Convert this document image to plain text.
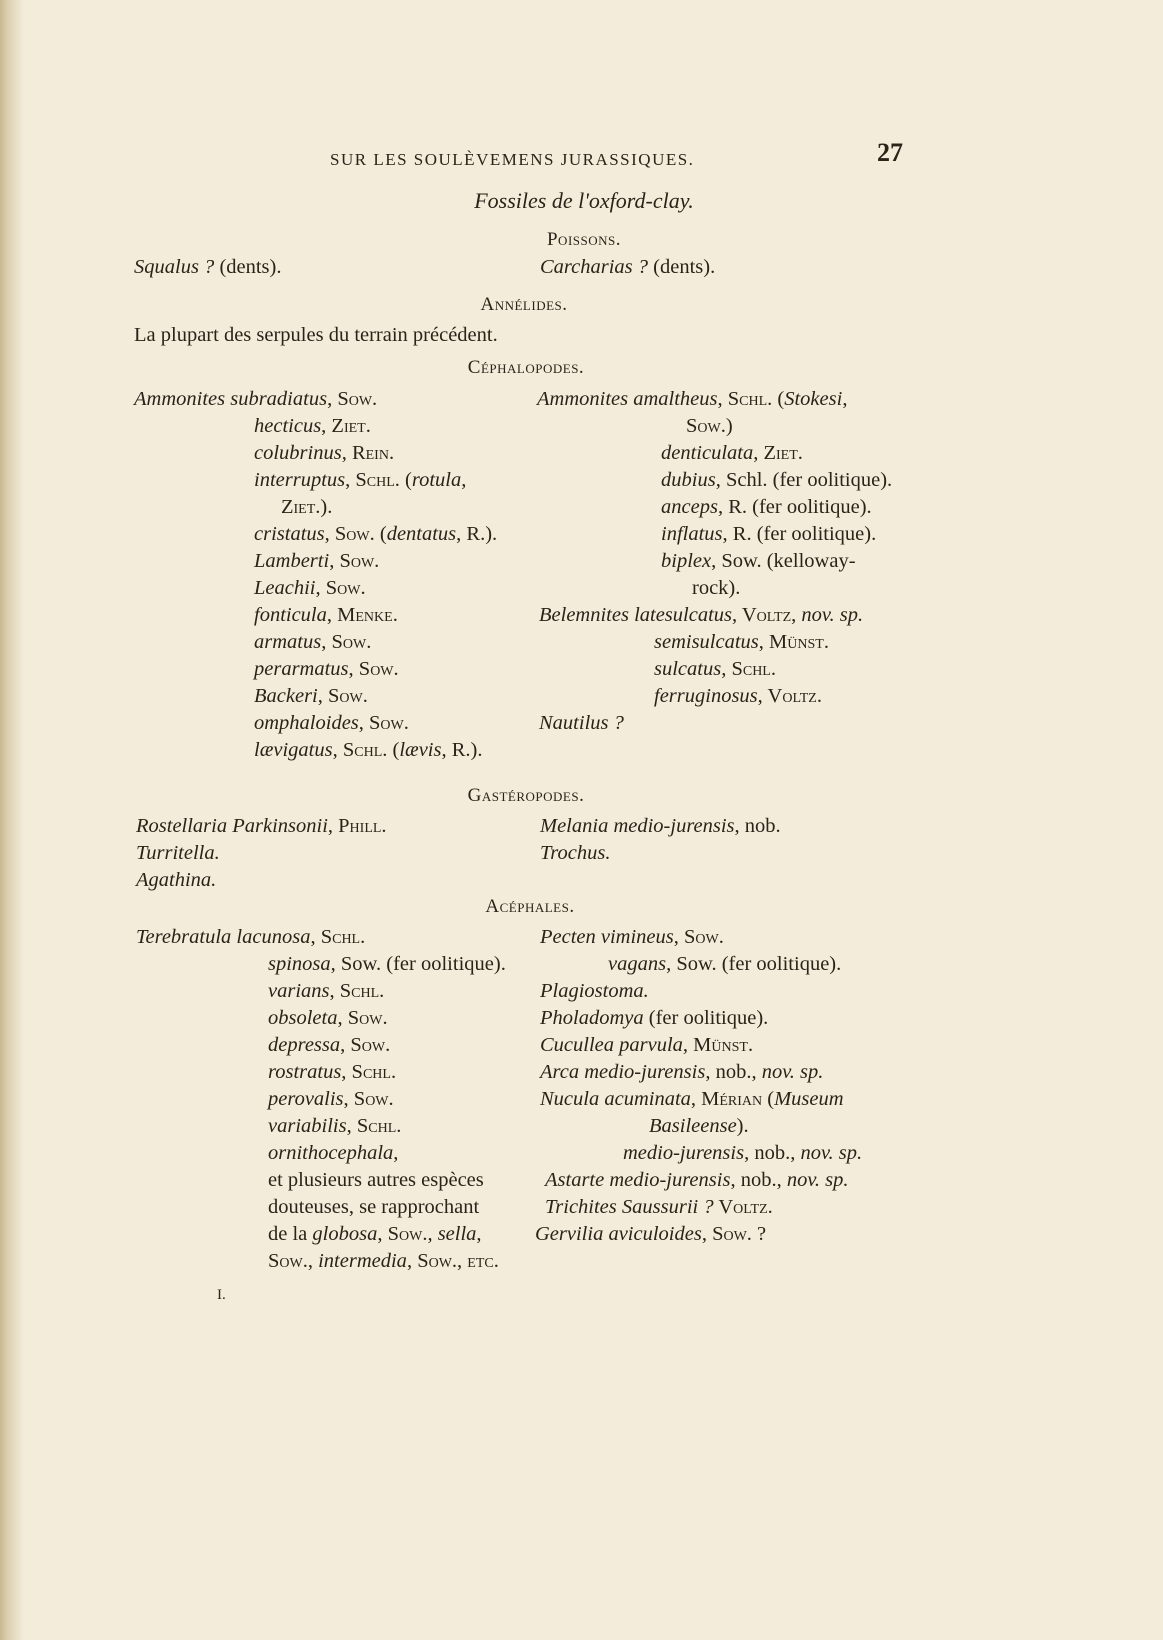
SUR LES SOULÈVEMENS JURASSIQUES.	27
Fossiles de l'oxford-clay.
Poissons.
Squalus ? (dents).	Carcharias ? (dents).
Annélides.
La plupart des serpules du terrain précédent.
Céphalopodes.
Ammonites subradiatus, Sow.
hecticus, Ziet.
colubrinus, Rein.
interruptus, Schl. (rotula,
Ziet.).
cristatus, Sow. (dentatus, R.).
Lamberti, Sow.
Leachii, Sow.
fonticula, Menke.
armatus, Sow.
perarmatus, Sow.
Backeri, Sow.
omphaloides, Sow.
lævigatus, Schl. (lævis, R.).
Ammonites amaltheus, Schl. (Stokesi,
Sow.)
denticulata, Ziet.
dubius, Schl. (fer oolitique).
anceps, R. (fer oolitique).
inflatus, R. (fer oolitique).
biplex, Sow. (kelloway-
rock).
Belemnites latesulcatus, Voltz, nov. sp.
semisulcatus, Münst.
sulcatus, Schl.
ferruginosus, Voltz.
Nautilus ?
Gastéropodes.
Rostellaria Parkinsonii, Phill.
Turritella.
Agathina.
Melania medio-jurensis, nob.
Trochus.
Acéphales.
Terebratula lacunosa, Schl.
spinosa, Sow. (fer oolitique).
varians, Schl.
obsoleta, Sow.
depressa, Sow.
rostratus, Schl.
perovalis, Sow.
variabilis, Schl.
ornithocephala,
et plusieurs autres espèces
douteuses, se rapprochant
de la globosa, Sow., sella,
Sow., intermedia, Sow., etc.
Pecten vimineus, Sow.
vagans, Sow. (fer oolitique).
Plagiostoma.
Pholadomya (fer oolitique).
Cucullea parvula, Münst.
Arca medio-jurensis, nob., nov. sp.
Nucula acuminata, Mérian (Museum
Basileense).
medio-jurensis, nob., nov. sp.
Astarte medio-jurensis, nob., nov. sp.
Trichites Saussurii ? Voltz.
Gervilia aviculoides, Sow. ?
I.
